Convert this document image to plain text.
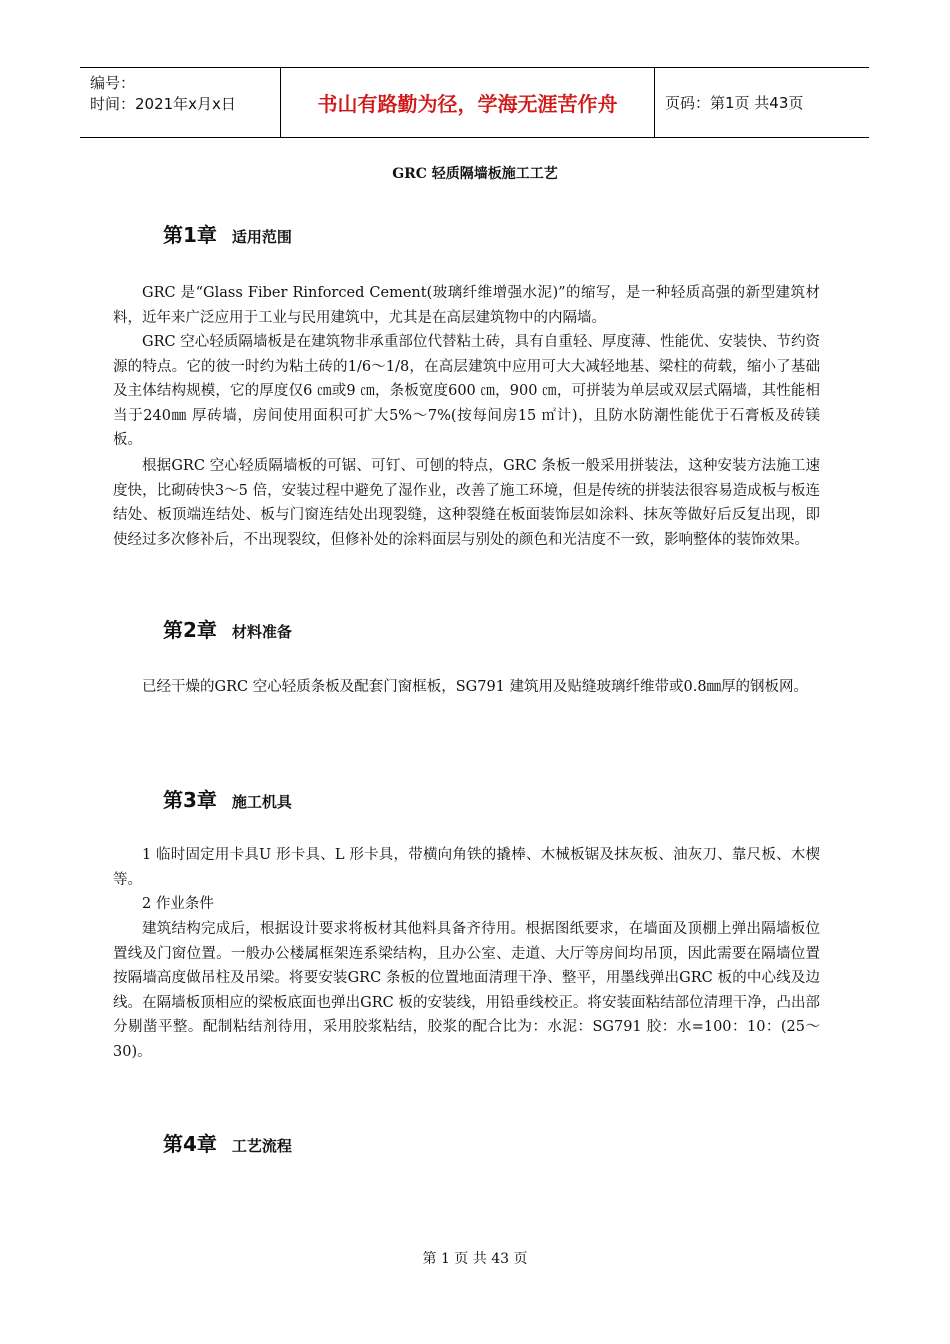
编号：
时间：2021年x月x日	书山有路勤为径，学海无涯苦作舟	页码：第1页 共43页
GRC 轻质隔墙板施工工艺
第1章 适用范围
GRC 是“Glass Fiber Rinforced Cement(玻璃纤维增强水泥)”的缩写，是一种轻质高强的新型建筑材料，近年来广泛应用于工业与民用建筑中，尤其是在高层建筑物中的内隔墙。
GRC 空心轻质隔墙板是在建筑物非承重部位代替粘土砖，具有自重轻、厚度薄、性能优、安装快、节约资源的特点。它的彼一时约为粘土砖的1/6～1/8，在高层建筑中应用可大大减轻地基、梁柱的荷载，缩小了基础及主体结构规模，它的厚度仅6 ㎝或9 ㎝，条板宽度600 ㎝，900 ㎝，可拼装为单层或双层式隔墙，其性能相当于240㎜ 厚砖墙，房间使用面积可扩大5%～7%(按每间房15 ㎡计)，且防水防潮性能优于石膏板及砖镁板。
根据GRC 空心轻质隔墙板的可锯、可钉、可刨的特点，GRC 条板一般采用拼装法，这种安装方法施工速度快，比砌砖快3～5 倍，安装过程中避免了湿作业，改善了施工环境，但是传统的拼装法很容易造成板与板连结处、板顶端连结处、板与门窗连结处出现裂缝，这种裂缝在板面装饰层如涂料、抹灰等做好后反复出现，即使经过多次修补后，不出现裂纹，但修补处的涂料面层与别处的颜色和光洁度不一致，影响整体的装饰效果。
第2章 材料准备
已经干燥的GRC 空心轻质条板及配套门窗框板，SG791 建筑用及贴缝玻璃纤维带或0.8㎜厚的钢板网。
第3章 施工机具
1 临时固定用卡具U 形卡具、L 形卡具，带横向角铁的撬棒、木械板锯及抹灰板、油灰刀、靠尺板、木楔等。
2 作业条件
建筑结构完成后，根据设计要求将板材其他料具备齐待用。根据图纸要求，在墙面及顶棚上弹出隔墙板位置线及门窗位置。一般办公楼属框架连系梁结构，且办公室、走道、大厅等房间均吊顶，因此需要在隔墙位置按隔墙高度做吊柱及吊梁。将要安装GRC 条板的位置地面清理干净、整平，用墨线弹出GRC 板的中心线及边线。在隔墙板顶相应的梁板底面也弹出GRC 板的安装线，用铅垂线校正。将安装面粘结部位清理干净，凸出部分剔凿平整。配制粘结剂待用，采用胶浆粘结，胶浆的配合比为：水泥：SG791 胶：水=100：10：(25～30)。
第4章 工艺流程
第 1 页 共 43 页
